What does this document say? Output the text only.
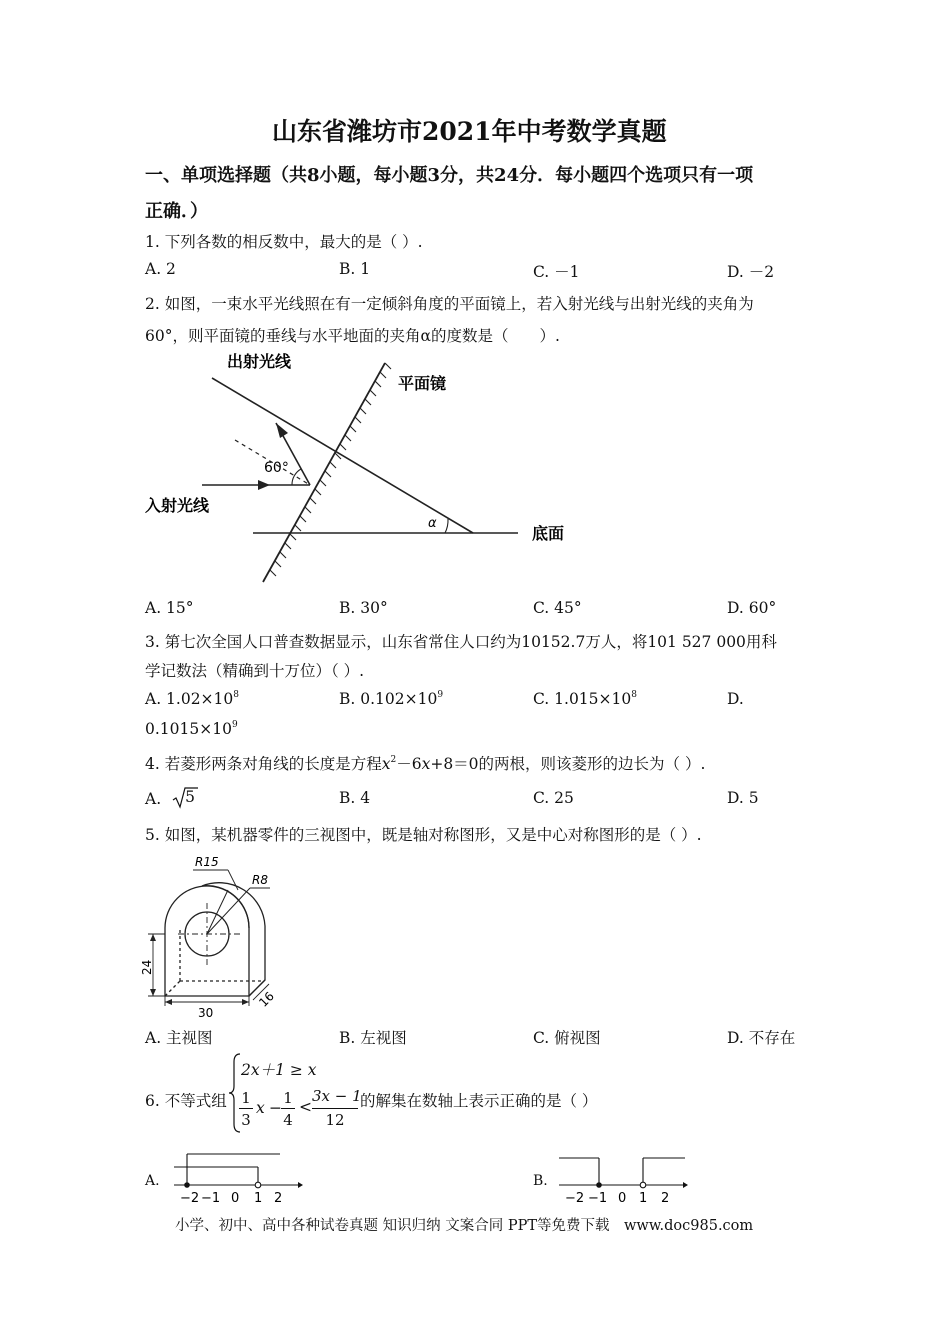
山东省潍坊市2021年中考数学真题
一、单项选择题（共8小题，每小题3分，共24分．每小题四个选项只有一项
正确．）
1. 下列各数的相反数中，最大的是（ ）.
A. 2	B. 1	C. －1	D. －2
2. 如图，一束水平光线照在有一定倾斜角度的平面镜上，若入射光线与出射光线的夹角为
60°，则平面镜的垂线与水平地面的夹角α的度数是（　　）.
出射光线
平面镜
入射光线
60°
底面
α
A. 15°	B. 30°	C. 45°	D. 60°
3. 第七次全国人口普查数据显示，山东省常住人口约为10152.7万人，将101 527 000用科
学记数法（精确到十万位）（ ）.
A. $1.02\times 10^8$	B. $0.102\times 10^9$	C. $1.015\times 10^8$	D.
$0.1015\times 10^9$
4. 若菱形两条对角线的长度是方程$x^2-6x+8=0$的两根，则该菱形的边长为（ ）.
A. 5	B. 4	C. 25	D. 5
5. 如图，某机器零件的三视图中，既是轴对称图形，又是中心对称图形的是（ ）.
R15
R8
24
30
16
A. 主视图	B. 左视图	C. 俯视图	D. 不存在
6. 不等式组
2x＋1 ≥ x
1
3
x −
1
4
<
3x − 1
12
的解集在数轴上表示正确的是（ ）
A.
−2 −1 0 1 2
B.
−2 −1 0 1 2
小学、初中、高中各种试卷真题 知识归纳 文案合同 PPT等免费下载　www.doc985.com
